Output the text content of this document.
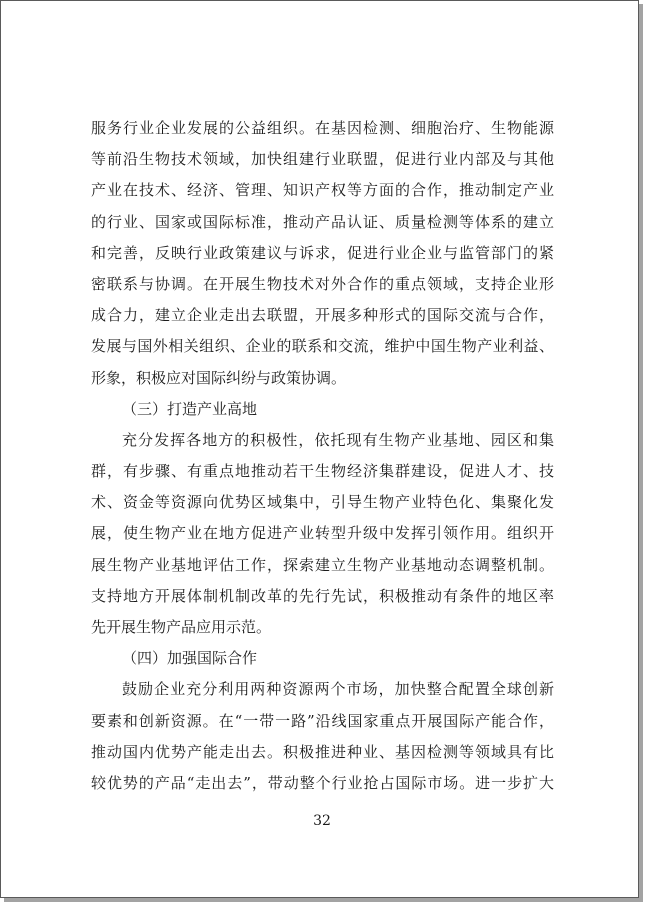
服务行业企业发展的公益组织。在基因检测、细胞治疗、生物能源
等前沿生物技术领域，加快组建行业联盟，促进行业内部及与其他
产业在技术、经济、管理、知识产权等方面的合作，推动制定产业
的行业、国家或国际标准，推动产品认证、质量检测等体系的建立
和完善，反映行业政策建议与诉求，促进行业企业与监管部门的紧
密联系与协调。在开展生物技术对外合作的重点领域，支持企业形
成合力，建立企业走出去联盟，开展多种形式的国际交流与合作，
发展与国外相关组织、企业的联系和交流，维护中国生物产业利益、
形象，积极应对国际纠纷与政策协调。
（三）打造产业高地
充分发挥各地方的积极性，依托现有生物产业基地、园区和集
群，有步骤、有重点地推动若干生物经济集群建设，促进人才、技
术、资金等资源向优势区域集中，引导生物产业特色化、集聚化发
展，使生物产业在地方促进产业转型升级中发挥引领作用。组织开
展生物产业基地评估工作，探索建立生物产业基地动态调整机制。
支持地方开展体制机制改革的先行先试，积极推动有条件的地区率
先开展生物产品应用示范。
（四）加强国际合作
鼓励企业充分利用两种资源两个市场，加快整合配置全球创新
要素和创新资源。在“一带一路”沿线国家重点开展国际产能合作，
推动国内优势产能走出去。积极推进种业、基因检测等领域具有比
较优势的产品“走出去”，带动整个行业抢占国际市场。进一步扩大
32
